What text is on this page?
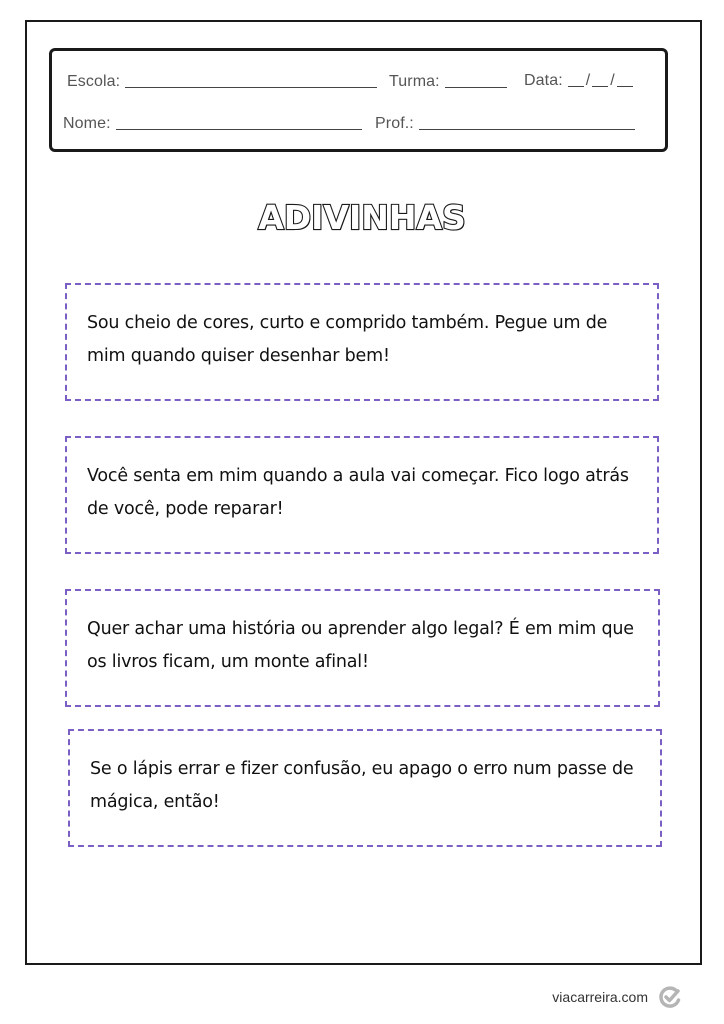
Escola:	Turma:	Data: / /
Nome:	Prof.:
ADIVINHAS
Sou cheio de cores, curto e comprido também. Pegue um de mim quando quiser desenhar bem!
Você senta em mim quando a aula vai começar. Fico logo atrás de você, pode reparar!
Quer achar uma história ou aprender algo legal? É em mim que os livros ficam, um monte afinal!
Se o lápis errar e fizer confusão, eu apago o erro num passe de mágica, então!
viacarreira.com
